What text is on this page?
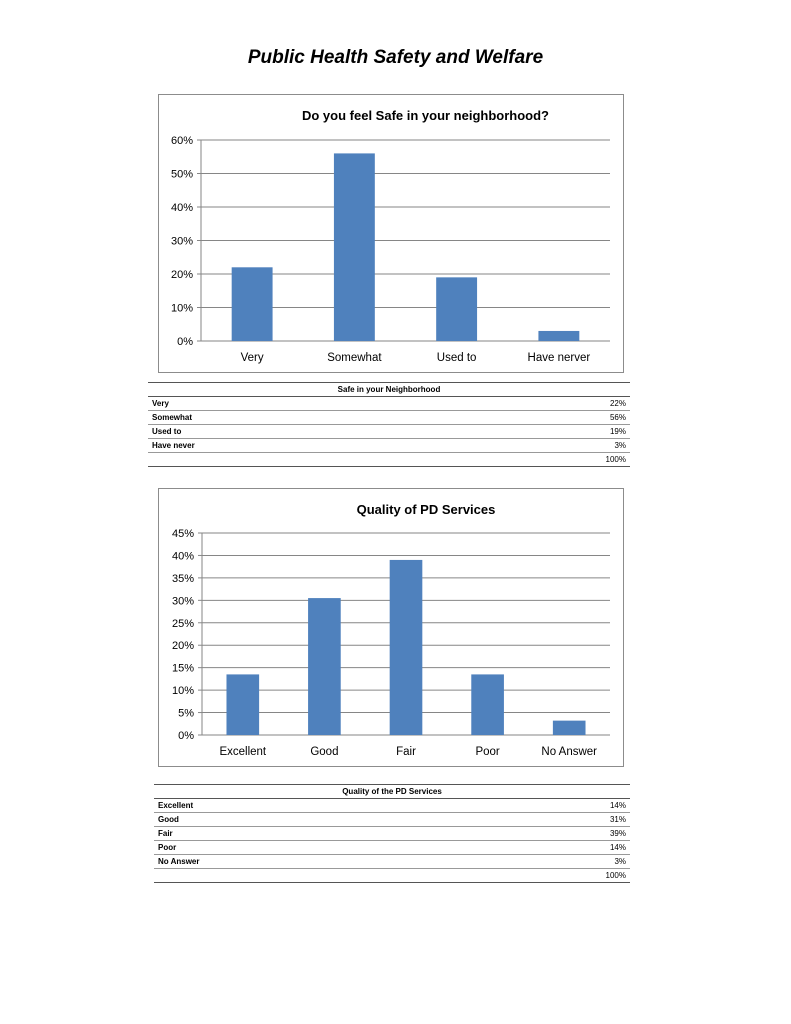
Public Health Safety and Welfare
Do you feel Safe in your neighborhood?
0%
10%
20%
30%
40%
50%
60%
Very	Somewhat	Used to	Have nerver
Safe in your Neighborhood	
Very	22%
Somewhat	56%
Used to	19%
Have never	3%
	100%
Quality of PD Services
0%
5%
10%
15%
20%
25%
30%
35%
40%
45%
Excellent	Good	Fair	Poor	No Answer
Quality of the PD Services	
Excellent	14%
Good	31%
Fair	39%
Poor	14%
No Answer	3%
	100%
